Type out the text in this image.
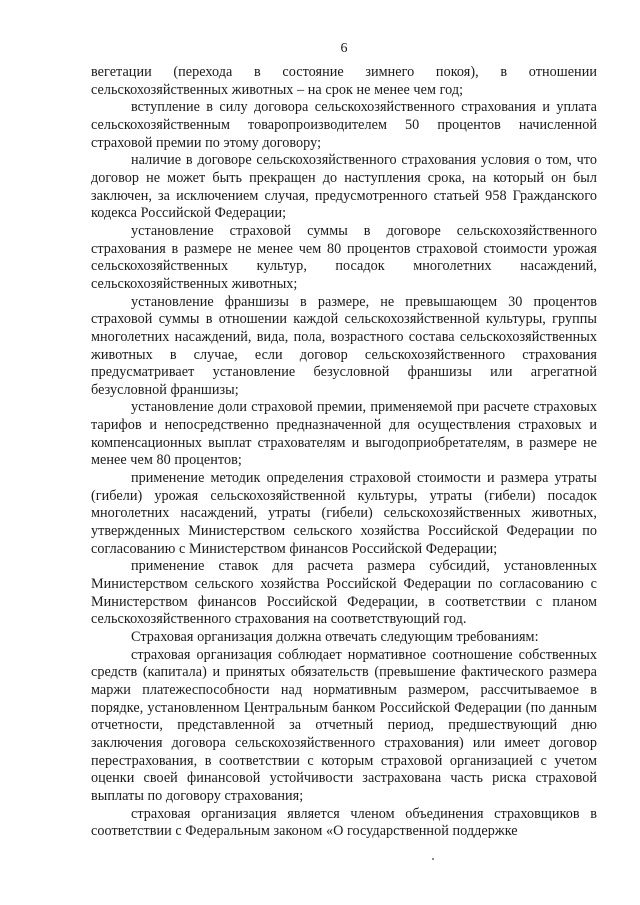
6

вегетации (перехода в состояние зимнего покоя), в отношении сельскохозяйственных животных – на срок не менее чем год;

вступление в силу договора сельскохозяйственного страхования и уплата сельскохозяйственным товаропроизводителем 50 процентов начисленной страховой премии по этому договору;

наличие в договоре сельскохозяйственного страхования условия о том, что договор не может быть прекращен до наступления срока, на который он был заключен, за исключением случая, предусмотренного статьей 958 Гражданского кодекса Российской Федерации;

установление страховой суммы в договоре сельскохозяйственного страхования в размере не менее чем 80 процентов страховой стоимости урожая сельскохозяйственных культур, посадок многолетних насаждений, сельскохозяйственных животных;

установление франшизы в размере, не превышающем 30 процентов страховой суммы в отношении каждой сельскохозяйственной культуры, группы многолетних насаждений, вида, пола, возрастного состава сельскохозяйственных животных в случае, если договор сельскохозяйственного страхования предусматривает установление безусловной франшизы или агрегатной безусловной франшизы;

установление доли страховой премии, применяемой при расчете страховых тарифов и непосредственно предназначенной для осуществления страховых и компенсационных выплат страхователям и выгодоприобретателям, в размере не менее чем 80 процентов;

применение методик определения страховой стоимости и размера утраты (гибели) урожая сельскохозяйственной культуры, утраты (гибели) посадок многолетних насаждений, утраты (гибели) сельскохозяйственных животных, утвержденных Министерством сельского хозяйства Российской Федерации по согласованию с Министерством финансов Российской Федерации;

применение ставок для расчета размера субсидий, установленных Министерством сельского хозяйства Российской Федерации по согласованию с Министерством финансов Российской Федерации, в соответствии с планом сельскохозяйственного страхования на соответствующий год.

Страховая организация должна отвечать следующим требованиям:

страховая организация соблюдает нормативное соотношение собственных средств (капитала) и принятых обязательств (превышение фактического размера маржи платежеспособности над нормативным размером, рассчитываемое в порядке, установленном Центральным банком Российской Федерации (по данным отчетности, представленной за отчетный период, предшествующий дню заключения договора сельскохозяйственного страхования) или имеет договор перестрахования, в соответствии с которым страховой организацией с учетом оценки своей финансовой устойчивости застрахована часть риска страховой выплаты по договору страхования;

страховая организация является членом объединения страховщиков в соответствии с Федеральным законом «О государственной поддержке
